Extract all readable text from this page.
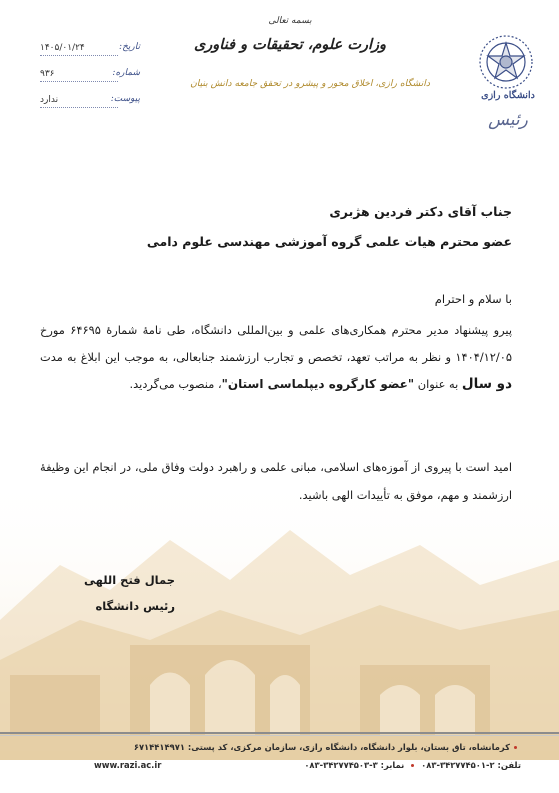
دانشگاه رازی
رئیس
بسمه تعالی
وزارت علوم، تحقیقات و فناوری
دانشگاه رازی، اخلاق محور و پیشرو در تحقق جامعه دانش بنیان
تاریخ:
۱۴۰۵/۰۱/۲۴
شماره:
۹۳۶
پیوست:
ندارد
جناب آقای دکتر فردین هژبری
عضو محترم هیات علمی گروه آموزشی مهندسی علوم دامی
با سلام و احترام
پیرو پیشنهاد مدیر محترم همکاری‌های علمی و بین‌المللی دانشگاه، طی نامهٔ شمارهٔ ۶۴۶۹۵ مورخ ۱۴۰۴/۱۲/۰۵ و نظر به مراتب تعهد، تخصص و تجارب ارزشمند جنابعالی، به موجب این ابلاغ به مدت دو سال به عنوان "عضو کارگروه دیپلماسی استان"، منصوب می‌گردید.
امید است با پیروی از آموزه‌های اسلامی، مبانی علمی و راهبرد دولت وفاق ملی، در انجام این وظیفهٔ ارزشمند و مهم، موفق به تأییدات الهی باشید.
جمال فتح اللهی
رئیس دانشگاه
کرمانشاه، تاق بستان، بلوار دانشگاه، دانشگاه رازی، سازمان مرکزی، کد پستی: ۶۷۱۴۴۱۴۹۷۱
تلفن: ۲-۳۴۲۷۷۴۵۰۱-۰۸۳  نمابر: ۳-۳۴۲۷۷۴۵۰۳-۰۸۳
www.razi.ac.ir
